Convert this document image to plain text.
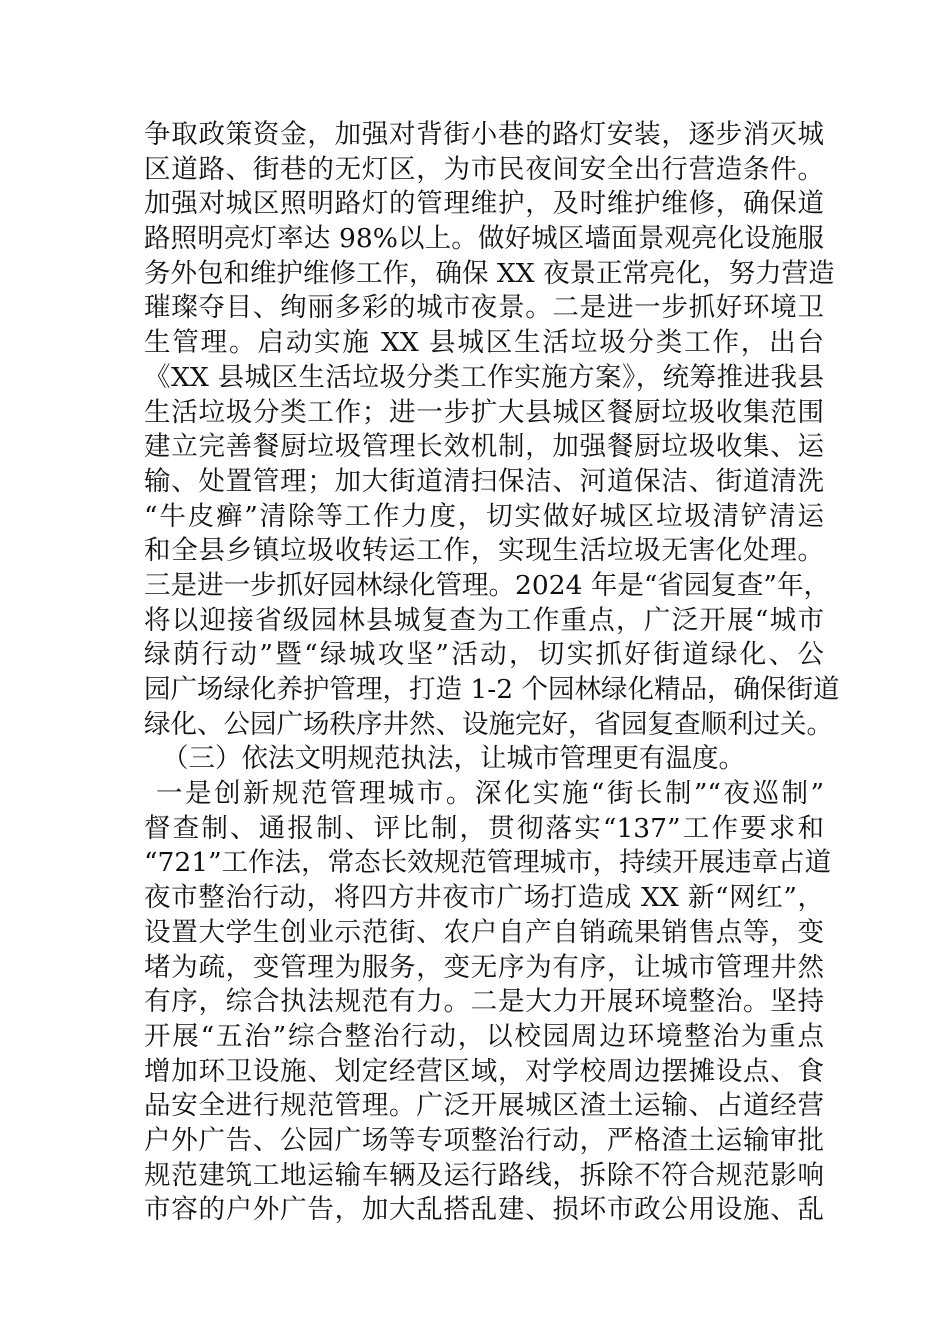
争取政策资金，加强对背街小巷的路灯安装，逐步消灭城
区道路、街巷的无灯区，为市民夜间安全出行营造条件。
加强对城区照明路灯的管理维护，及时维护维修，确保道
路照明亮灯率达 98%以上。做好城区墙面景观亮化设施服
务外包和维护维修工作，确保 XX 夜景正常亮化，努力营造
璀璨夺目、绚丽多彩的城市夜景。二是进一步抓好环境卫
生管理。启动实施 XX 县城区生活垃圾分类工作，出台
《XX 县城区生活垃圾分类工作实施方案》，统筹推进我县
生活垃圾分类工作；进一步扩大县城区餐厨垃圾收集范围
建立完善餐厨垃圾管理长效机制，加强餐厨垃圾收集、运
输、处置管理；加大街道清扫保洁、河道保洁、街道清洗
“牛皮癣”清除等工作力度，切实做好城区垃圾清铲清运
和全县乡镇垃圾收转运工作，实现生活垃圾无害化处理。
三是进一步抓好园林绿化管理。2024 年是“省园复查”年，
将以迎接省级园林县城复查为工作重点，广泛开展“城市
绿荫行动”暨“绿城攻坚”活动，切实抓好街道绿化、公
园广场绿化养护管理，打造 1-2 个园林绿化精品，确保街道
绿化、公园广场秩序井然、设施完好，省园复查顺利过关。
（三）依法文明规范执法，让城市管理更有温度。
一是创新规范管理城市。深化实施“街长制”“夜巡制”
督查制、通报制、评比制，贯彻落实“137”工作要求和
“721”工作法，常态长效规范管理城市，持续开展违章占道
夜市整治行动，将四方井夜市广场打造成 XX 新“网红”，
设置大学生创业示范街、农户自产自销疏果销售点等，变
堵为疏，变管理为服务，变无序为有序，让城市管理井然
有序，综合执法规范有力。二是大力开展环境整治。坚持
开展“五治”综合整治行动，以校园周边环境整治为重点
增加环卫设施、划定经营区域，对学校周边摆摊设点、食
品安全进行规范管理。广泛开展城区渣土运输、占道经营
户外广告、公园广场等专项整治行动，严格渣土运输审批
规范建筑工地运输车辆及运行路线，拆除不符合规范影响
市容的户外广告，加大乱搭乱建、损坏市政公用设施、乱
